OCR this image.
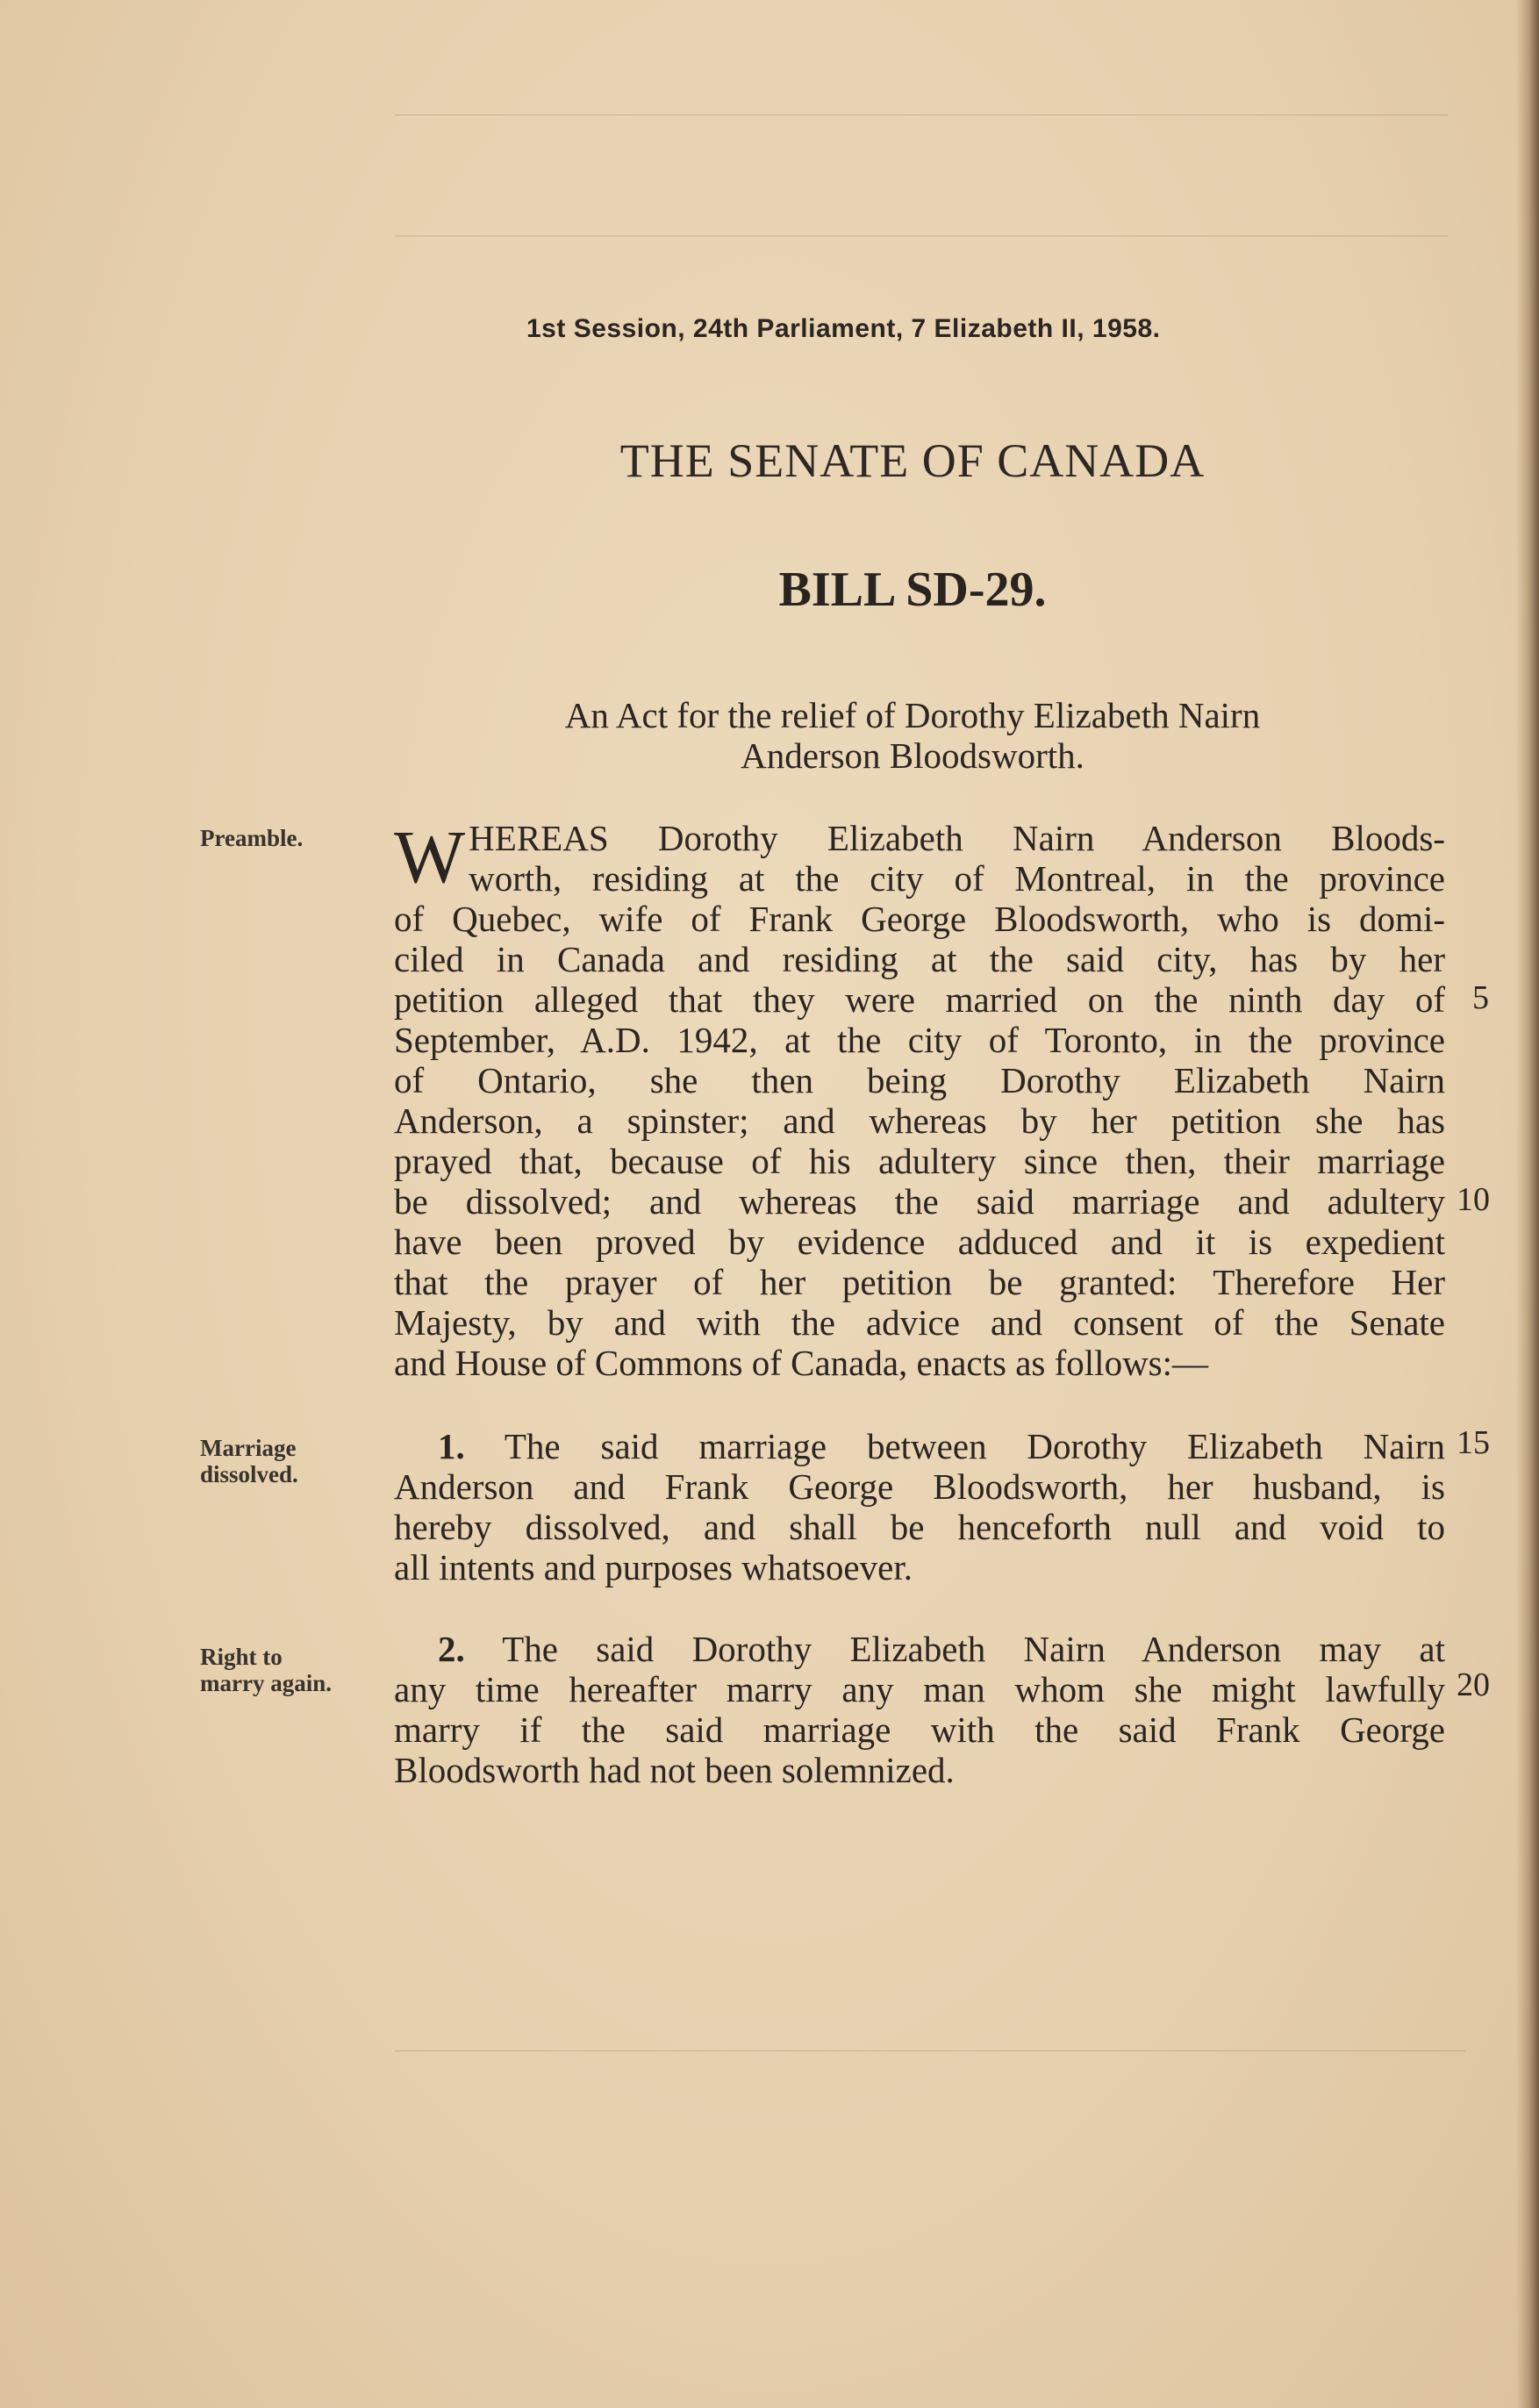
1st Session, 24th Parliament, 7 Elizabeth II, 1958.
THE SENATE OF CANADA
BILL SD-29.
An Act for the relief of Dorothy Elizabeth Nairn
Anderson Bloodsworth.
Preamble.
Marriage
dissolved.
Right to
marry again.
W HEREAS Dorothy Elizabeth Nairn Anderson Bloods-
worth, residing at the city of Montreal, in the province
of Quebec, wife of Frank George Bloodsworth, who is domi-
ciled in Canada and residing at the said city, has by her
petition alleged that they were married on the ninth day of
September, A.D. 1942, at the city of Toronto, in the province
of Ontario, she then being Dorothy Elizabeth Nairn
Anderson, a spinster; and whereas by her petition she has
prayed that, because of his adultery since then, their marriage
be dissolved; and whereas the said marriage and adultery
have been proved by evidence adduced and it is expedient
that the prayer of her petition be granted: Therefore Her
Majesty, by and with the advice and consent of the Senate
and House of Commons of Canada, enacts as follows:—
1. The said marriage between Dorothy Elizabeth Nairn
Anderson and Frank George Bloodsworth, her husband, is
hereby dissolved, and shall be henceforth null and void to
all intents and purposes whatsoever.
2. The said Dorothy Elizabeth Nairn Anderson may at
any time hereafter marry any man whom she might lawfully
marry if the said marriage with the said Frank George
Bloodsworth had not been solemnized.
5
10
15
20
